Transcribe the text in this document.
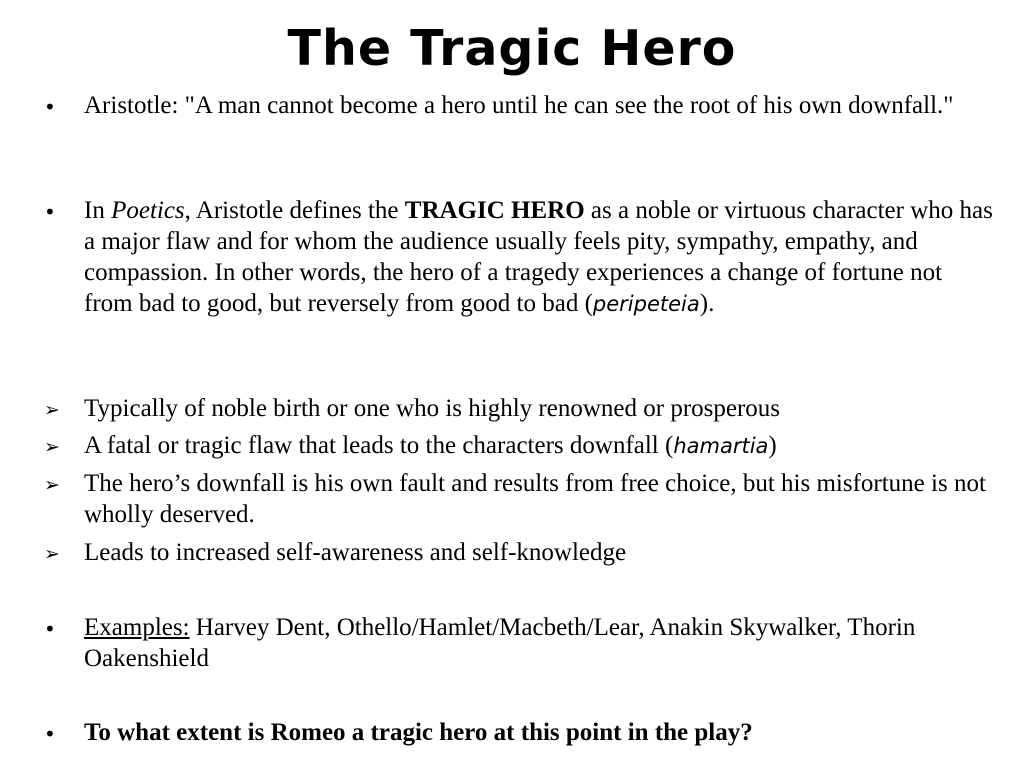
The Tragic Hero
•	Aristotle: "A man cannot become a hero until he can see the root of his own downfall."

•	In Poetics, Aristotle defines the TRAGIC HERO as a noble or virtuous character who has a major flaw and for whom the audience usually feels pity, sympathy, empathy, and compassion. In other words, the hero of a tragedy experiences a change of fortune not from bad to good, but reversely from good to bad (peripeteia).

➢ Typically of noble birth or one who is highly renowned or prosperous

➢ A fatal or tragic flaw that leads to the characters downfall (hamartia)

➢ The hero’s downfall is his own fault and results from free choice, but his misfortune is not wholly deserved.

➢ Leads to increased self-awareness and self-knowledge

•	Examples: Harvey Dent, Othello/Hamlet/Macbeth/Lear, Anakin Skywalker, Thorin Oakenshield

•	To what extent is Romeo a tragic hero at this point in the play?
